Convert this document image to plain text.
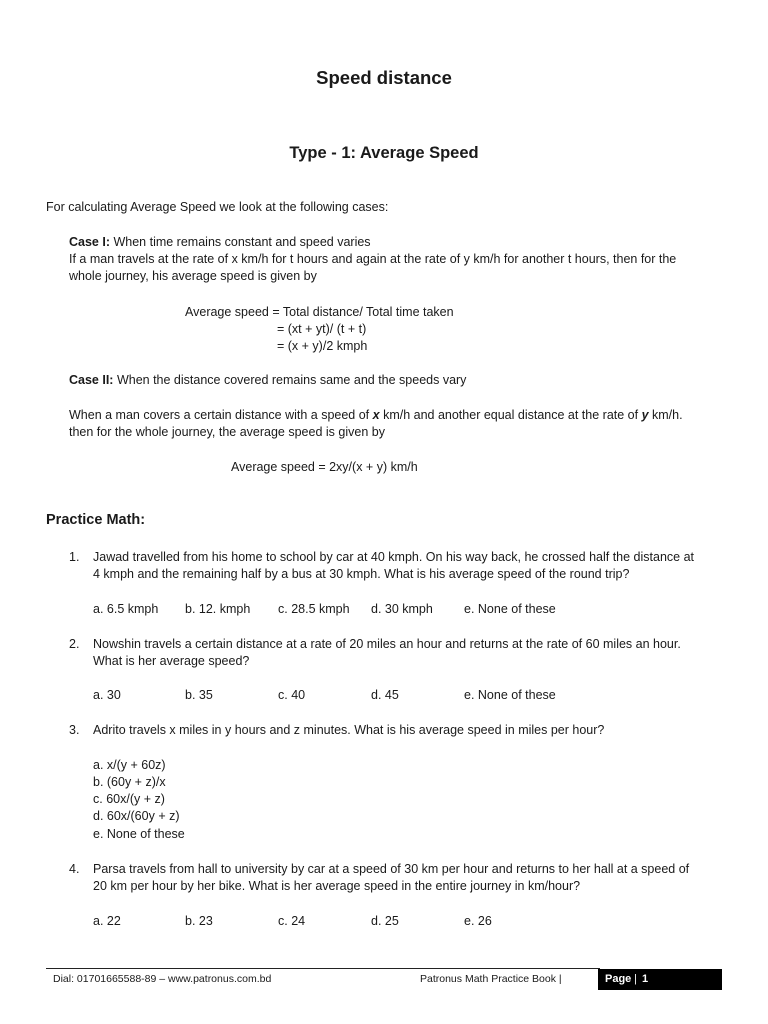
Speed distance
Type - 1: Average Speed
For calculating Average Speed we look at the following cases:
Case I: When time remains constant and speed varies
If a man travels at the rate of x km/h for t hours and again at the rate of y km/h for another t hours, then for the
whole journey, his average speed is given by
Average speed = Total distance/ Total time taken
= (xt + yt)/ (t + t)
= (x + y)/2 kmph
Case II: When the distance covered remains same and the speeds vary
When a man covers a certain distance with a speed of x km/h and another equal distance at the rate of y km/h.
then for the whole journey, the average speed is given by
Average speed = 2xy/(x + y) km/h
Practice Math:
1. Jawad travelled from his home to school by car at 40 kmph. On his way back, he crossed half the distance at
4 kmph and the remaining half by a bus at 30 kmph. What is his average speed of the round trip?
a. 6.5 kmph b. 12. kmph c. 28.5 kmph d. 30 kmph e. None of these
2. Nowshin travels a certain distance at a rate of 20 miles an hour and returns at the rate of 60 miles an hour.
What is her average speed?
a. 30	b. 35	c. 40	d. 45	e. None of these
3. Adrito travels x miles in y hours and z minutes. What is his average speed in miles per hour?
a. x/(y + 60z)
b. (60y + z)/x
c. 60x/(y + z)
d. 60x/(60y + z)
e. None of these
4. Parsa travels from hall to university by car at a speed of 30 km per hour and returns to her hall at a speed of
20 km per hour by her bike. What is her average speed in the entire journey in km/hour?
a. 22	b. 23	c. 24	d. 25	e. 26
Dial: 01701665588-89 – www.patronus.com.bd	Patronus Math Practice Book |	Page | 1
